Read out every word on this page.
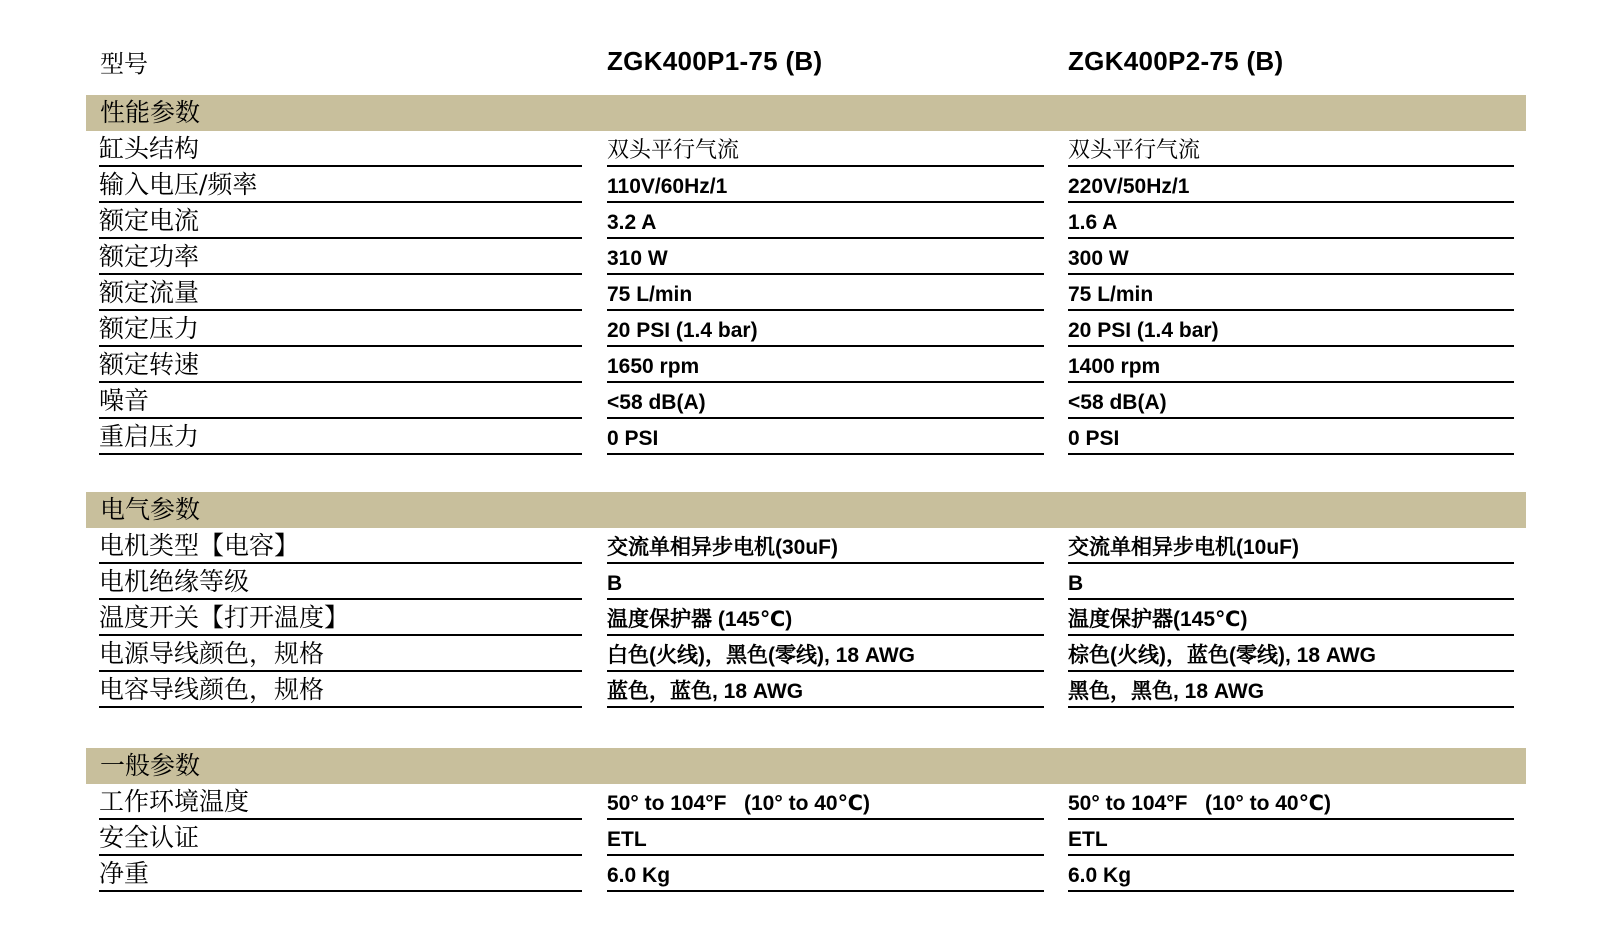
型号	ZGK400P1-75 (B)	ZGK400P2-75 (B)
性能参数
缸头结构	双头平行气流	双头平行气流
输入电压/频率	110V/60Hz/1	220V/50Hz/1
额定电流	3.2 A	1.6 A
额定功率	310 W	300 W
额定流量	75 L/min	75 L/min
额定压力	20 PSI (1.4 bar)	20 PSI (1.4 bar)
额定转速	1650 rpm	1400 rpm
噪音	<58 dB(A)	<58 dB(A)
重启压力	0 PSI	0 PSI
电气参数
电机类型【电容】	交流单相异步电机(30uF)	交流单相异步电机(10uF)
电机绝缘等级	B	B
温度开关【打开温度】	温度保护器 (145℃)	温度保护器(145℃)
电源导线颜色，规格	白色(火线)，黑色(零线), 18 AWG	棕色(火线)，蓝色(零线), 18 AWG
电容导线颜色，规格	蓝色，蓝色, 18 AWG	黑色，黑色, 18 AWG
一般参数
工作环境温度	50° to 104°F   (10° to 40℃)	50° to 104°F   (10° to 40℃)
安全认证	ETL	ETL
净重	6.0 Kg	6.0 Kg
